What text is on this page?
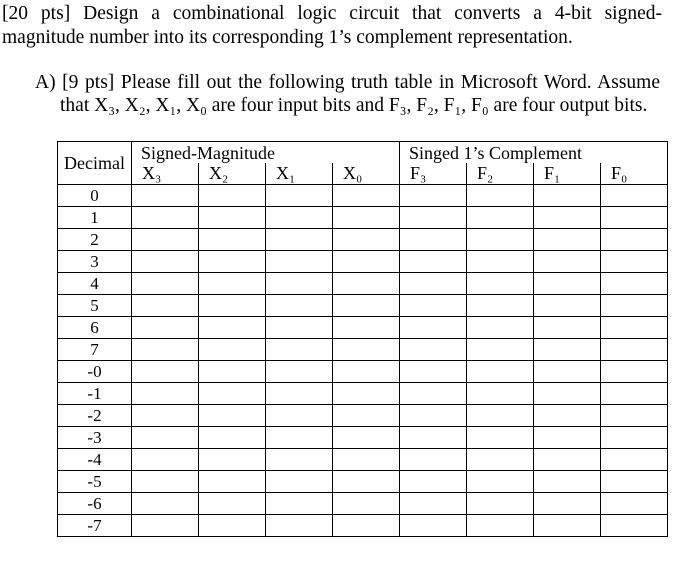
[20 pts] Design a combinational logic circuit that converts a 4-bit signed-
magnitude number into its corresponding 1’s complement representation.
A) [9 pts] Please fill out the following truth table in Microsoft Word. Assume
that X₃, X₂, X₁, X₀ are four input bits and F₃, F₂, F₁, F₀ are four output bits.
Decimal	Signed-Magnitude				Singed 1’s Complement			
	X₃	X₂	X₁	X₀	F₃	F₂	F₁	F₀
0								
1								
2								
3								
4								
5								
6								
7								
-0								
-1								
-2								
-3								
-4								
-5								
-6								
-7								
